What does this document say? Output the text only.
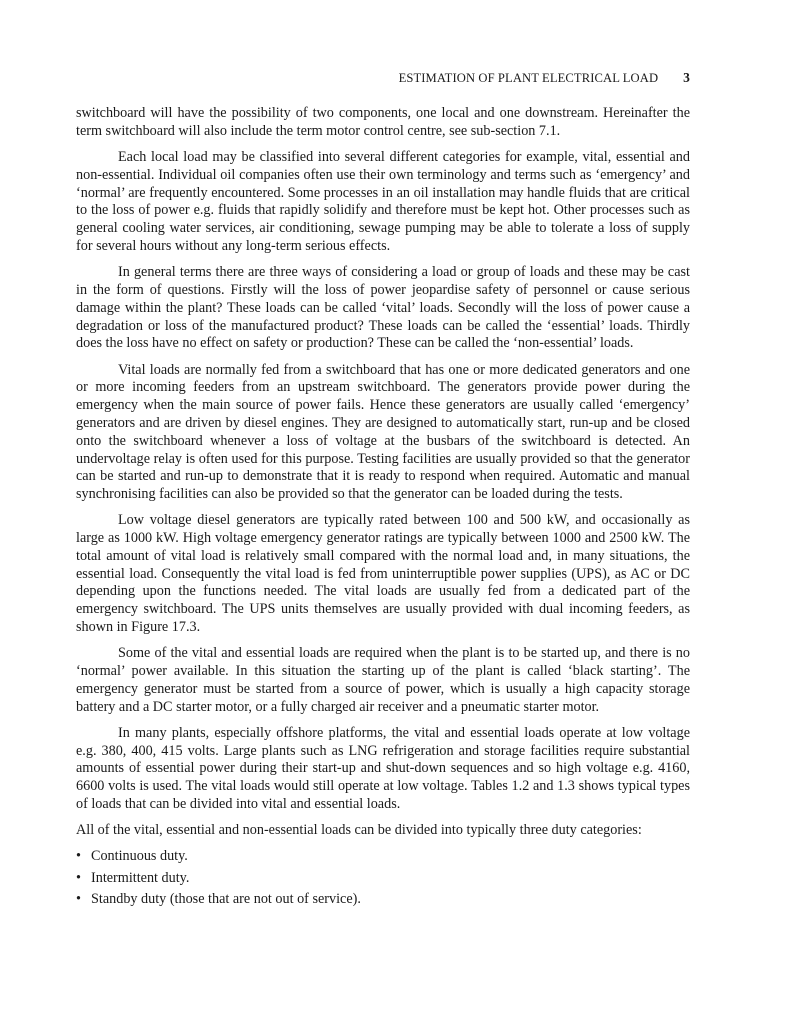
ESTIMATION OF PLANT ELECTRICAL LOAD 3

switchboard will have the possibility of two components, one local and one downstream. Hereinafter the term switchboard will also include the term motor control centre, see sub-section 7.1.

Each local load may be classified into several different categories for example, vital, essential and non-essential. Individual oil companies often use their own terminology and terms such as ‘emergency’ and ‘normal’ are frequently encountered. Some processes in an oil installation may handle fluids that are critical to the loss of power e.g. fluids that rapidly solidify and therefore must be kept hot. Other processes such as general cooling water services, air conditioning, sewage pumping may be able to tolerate a loss of supply for several hours without any long-term serious effects.

In general terms there are three ways of considering a load or group of loads and these may be cast in the form of questions. Firstly will the loss of power jeopardise safety of personnel or cause serious damage within the plant? These loads can be called ‘vital’ loads. Secondly will the loss of power cause a degradation or loss of the manufactured product? These loads can be called the ‘essential’ loads. Thirdly does the loss have no effect on safety or production? These can be called the ‘non-essential’ loads.

Vital loads are normally fed from a switchboard that has one or more dedicated generators and one or more incoming feeders from an upstream switchboard. The generators provide power during the emergency when the main source of power fails. Hence these generators are usually called ‘emergency’ generators and are driven by diesel engines. They are designed to automatically start, run-up and be closed onto the switchboard whenever a loss of voltage at the busbars of the switchboard is detected. An undervoltage relay is often used for this purpose. Testing facilities are usually provided so that the generator can be started and run-up to demonstrate that it is ready to respond when required. Automatic and manual synchronising facilities can also be provided so that the generator can be loaded during the tests.

Low voltage diesel generators are typically rated between 100 and 500 kW, and occasionally as large as 1000 kW. High voltage emergency generator ratings are typically between 1000 and 2500 kW. The total amount of vital load is relatively small compared with the normal load and, in many situations, the essential load. Consequently the vital load is fed from uninterruptible power supplies (UPS), as AC or DC depending upon the functions needed. The vital loads are usually fed from a dedicated part of the emergency switchboard. The UPS units themselves are usually provided with dual incoming feeders, as shown in Figure 17.3.

Some of the vital and essential loads are required when the plant is to be started up, and there is no ‘normal’ power available. In this situation the starting up of the plant is called ‘black starting’. The emergency generator must be started from a source of power, which is usually a high capacity storage battery and a DC starter motor, or a fully charged air receiver and a pneumatic starter motor.

In many plants, especially offshore platforms, the vital and essential loads operate at low voltage e.g. 380, 400, 415 volts. Large plants such as LNG refrigeration and storage facilities require substantial amounts of essential power during their start-up and shut-down sequences and so high voltage e.g. 4160, 6600 volts is used. The vital loads would still operate at low voltage. Tables 1.2 and 1.3 shows typical types of loads that can be divided into vital and essential loads.

All of the vital, essential and non-essential loads can be divided into typically three duty categories:

• Continuous duty.
• Intermittent duty.
• Standby duty (those that are not out of service).
